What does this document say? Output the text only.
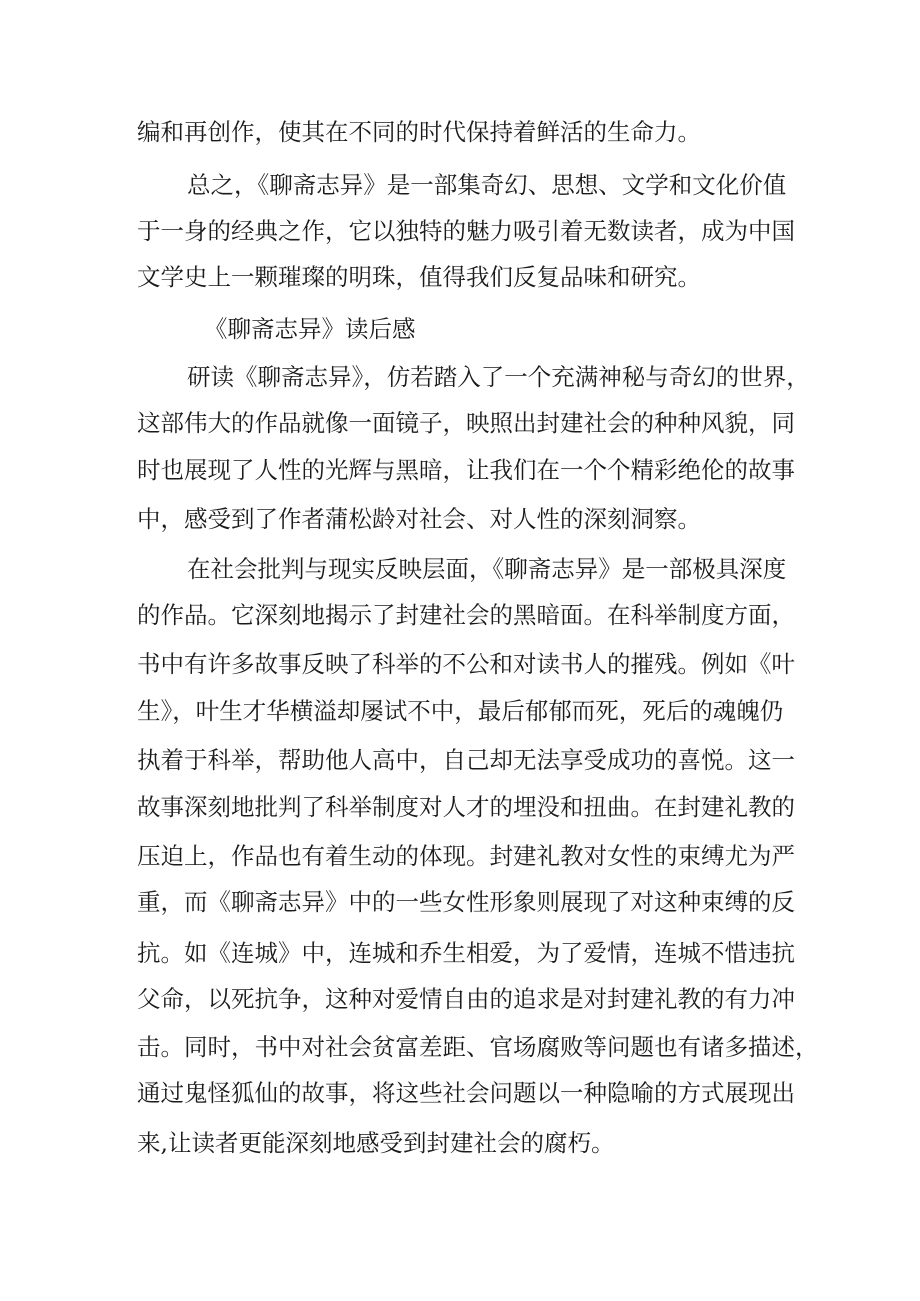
编和再创作，使其在不同的时代保持着鲜活的生命力。
总之，《聊斋志异》是一部集奇幻、思想、文学和文化价值
于一身的经典之作，它以独特的魅力吸引着无数读者，成为中国
文学史上一颗璀璨的明珠，值得我们反复品味和研究。
《聊斋志异》读后感
研读《聊斋志异》，仿若踏入了一个充满神秘与奇幻的世界，
这部伟大的作品就像一面镜子，映照出封建社会的种种风貌，同
时也展现了人性的光辉与黑暗，让我们在一个个精彩绝伦的故事
中，感受到了作者蒲松龄对社会、对人性的深刻洞察。
在社会批判与现实反映层面，《聊斋志异》是一部极具深度
的作品。它深刻地揭示了封建社会的黑暗面。在科举制度方面，
书中有许多故事反映了科举的不公和对读书人的摧残。例如《叶
生》，叶生才华横溢却屡试不中，最后郁郁而死，死后的魂魄仍
执着于科举，帮助他人高中，自己却无法享受成功的喜悦。这一
故事深刻地批判了科举制度对人才的埋没和扭曲。在封建礼教的
压迫上，作品也有着生动的体现。封建礼教对女性的束缚尤为严
重，而《聊斋志异》中的一些女性形象则展现了对这种束缚的反
抗。如《连城》中，连城和乔生相爱，为了爱情，连城不惜违抗
父命，以死抗争，这种对爱情自由的追求是对封建礼教的有力冲
击。同时，书中对社会贫富差距、官场腐败等问题也有诸多描述，
通过鬼怪狐仙的故事，将这些社会问题以一种隐喻的方式展现出
来,让读者更能深刻地感受到封建社会的腐朽。
